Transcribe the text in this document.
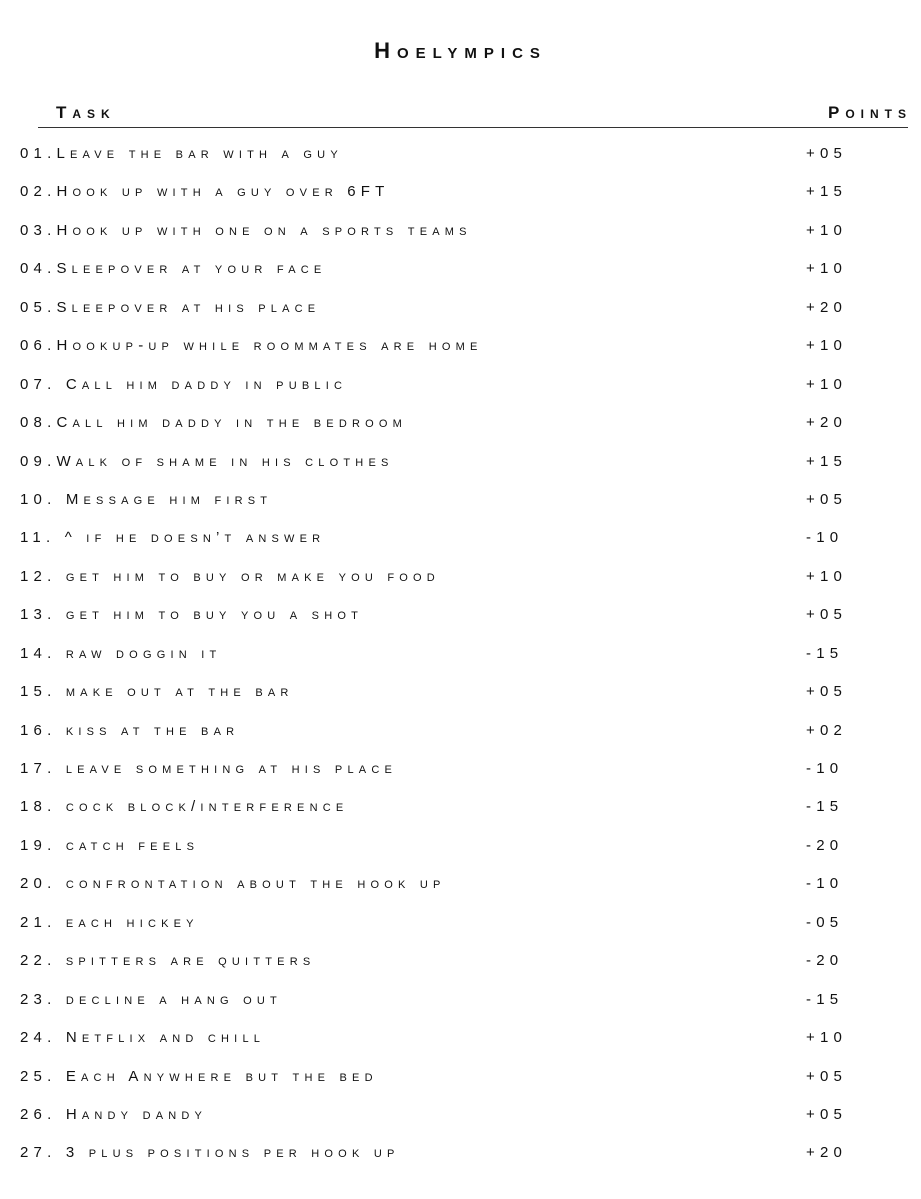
Hoelympics
Task	Points
01.Leave the bar with a guy	+05
02.Hook up with a guy over 6FT	+15
03.Hook up with one on a sports teams	+10
04.Sleepover at your face	+10
05.Sleepover at his place	+20
06.Hookup-up while roommates are home	+10
07. Call him daddy in public	+10
08.Call him daddy in the bedroom	+20
09.Walk of shame in his clothes	+15
10. Message him first	+05
11. ^ if he doesn’t answer	-10
12. get him to buy or make you food	+10
13. get him to buy you a shot	+05
14. raw doggin it	-15
15. make out at the bar	+05
16. kiss at the bar	+02
17. leave something at his place	-10
18. cock block/interference	-15
19. catch feels	-20
20. confrontation about the hook up	-10
21. each hickey	-05
22. spitters are quitters	-20
23. decline a hang out	-15
24. Netflix and chill	+10
25. Each Anywhere but the bed	+05
26. Handy dandy	+05
27. 3 plus positions per hook up	+20
